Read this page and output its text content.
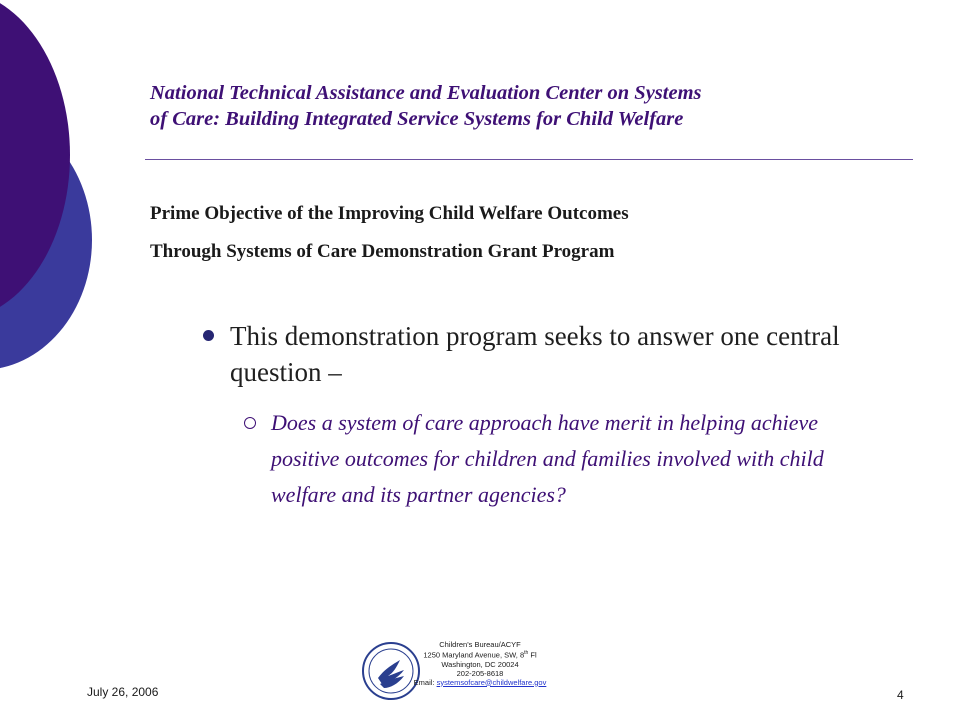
National Technical Assistance and Evaluation Center on Systems
of Care: Building Integrated Service Systems for Child Welfare
Prime Objective of the Improving Child Welfare Outcomes
Through Systems of Care Demonstration Grant Program
This demonstration program seeks to answer one central question –
Does a system of care approach have merit in helping achieve positive outcomes for children and families involved with child welfare and its partner agencies?
July 26, 2006	4
Children's Bureau/ACYF
1250 Maryland Avenue, SW, 8th Fl
Washington, DC 20024
202-205-8618
Email: systemsofcare@childwelfare.gov
